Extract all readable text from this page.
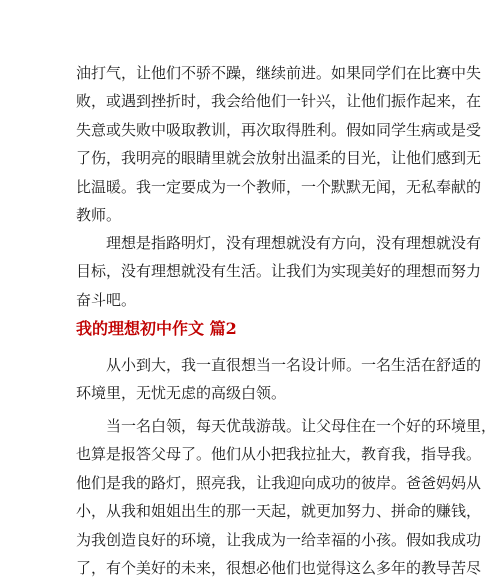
油打气，让他们不骄不躁，继续前进。如果同学们在比赛中失
败，或遇到挫折时，我会给他们一针兴，让他们振作起来，在
失意或失败中吸取教训，再次取得胜利。假如同学生病或是受
了伤，我明亮的眼睛里就会放射出温柔的目光，让他们感到无
比温暖。我一定要成为一个教师，一个默默无闻，无私奉献的
教师。
理想是指路明灯，没有理想就没有方向，没有理想就没有
目标，没有理想就没有生活。让我们为实现美好的理想而努力
奋斗吧。
我的理想初中作文 篇2
从小到大，我一直很想当一名设计师。一名生活在舒适的
环境里，无忧无虑的高级白领。
当一名白领，每天优哉游哉。让父母住在一个好的环境里，
也算是报答父母了。他们从小把我拉扯大，教育我，指导我。
他们是我的路灯，照亮我，让我迎向成功的彼岸。爸爸妈妈从
小，从我和姐姐出生的那一天起，就更加努力、拼命的赚钱，
为我创造良好的环境，让我成为一给幸福的小孩。假如我成功
了，有个美好的未来，很想必他们也觉得这么多年的教导苦尽
